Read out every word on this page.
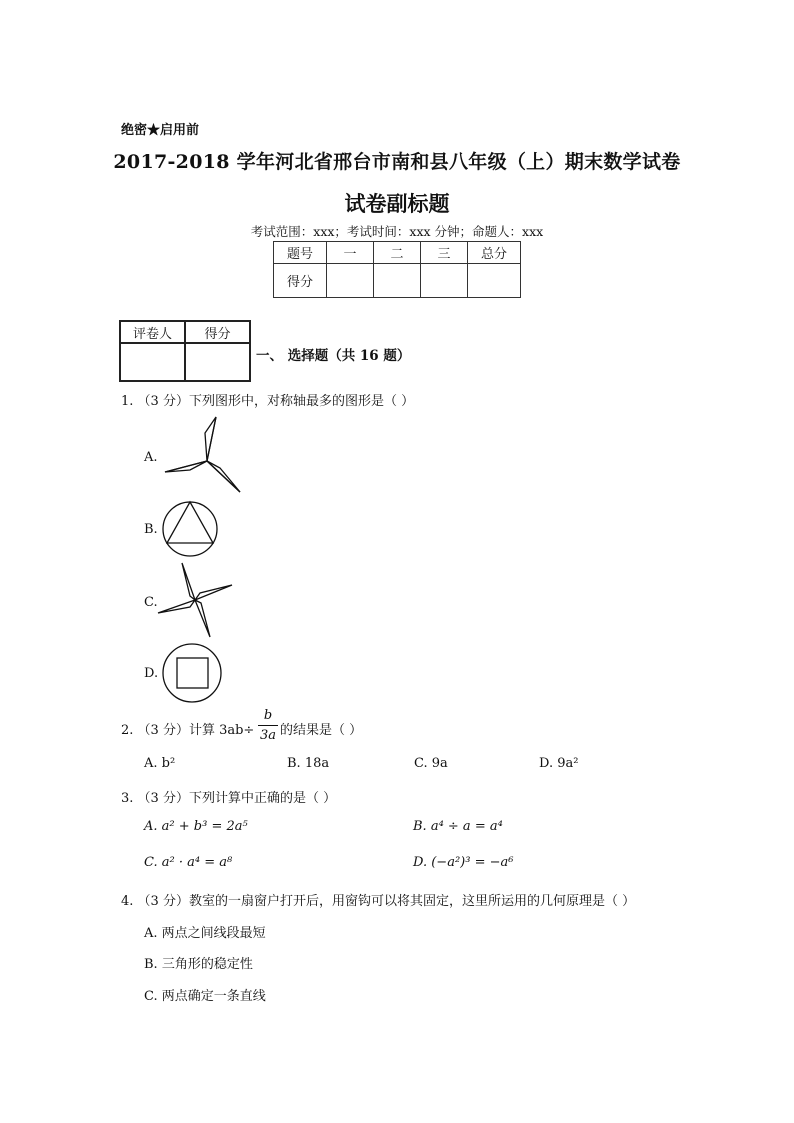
绝密★启用前
2017-2018 学年河北省邢台市南和县八年级（上）期末数学试卷
试卷副标题
考试范围：xxx；考试时间：xxx 分钟；命题人：xxx
题号	一	二	三	总分
得分				
评卷人	得分

一、 选择题（共 16 题）
1. （3 分）下列图形中，对称轴最多的图形是（ ）
A.
B.
C.
D.
2. （3 分）计算 3ab÷
b
3a 的结果是（ ）
A. b²	B. 18a	C. 9a	D. 9a²
3. （3 分）下列计算中正确的是（ ）
A. a² + b³ = 2a⁵	B. a⁴ ÷ a = a⁴
C. a² · a⁴ = a⁸	D. (−a²)³ = −a⁶
4. （3 分）教室的一扇窗户打开后，用窗钩可以将其固定，这里所运用的几何原理是（ ）
A. 两点之间线段最短
B. 三角形的稳定性
C. 两点确定一条直线
